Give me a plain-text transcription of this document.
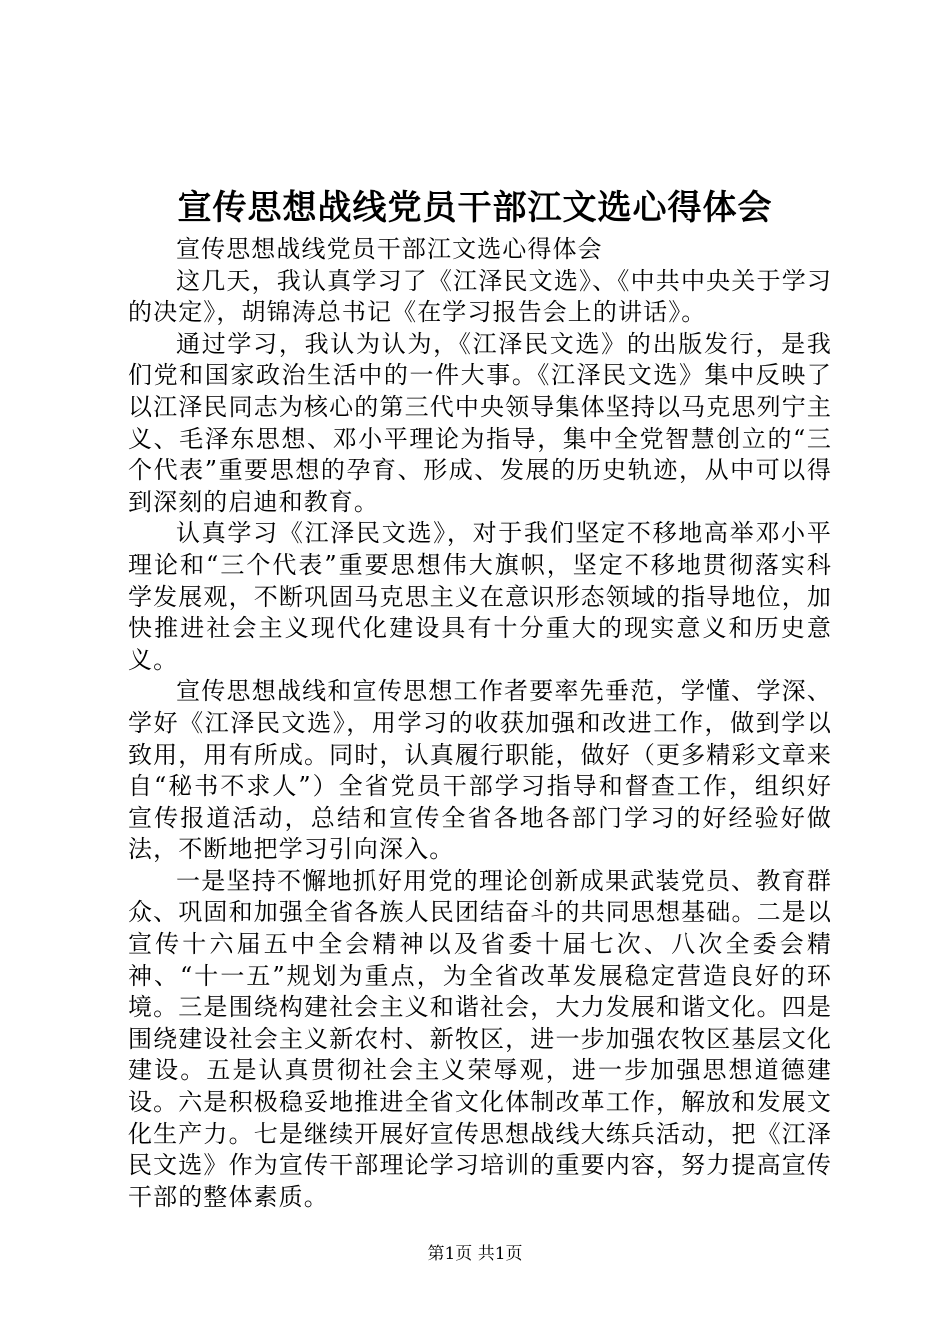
宣传思想战线党员干部江文选心得体会

宣传思想战线党员干部江文选心得体会

这几天，我认真学习了《江泽民文选》、《中共中央关于学习的决定》，胡锦涛总书记《在学习报告会上的讲话》。

通过学习，我认为认为，《江泽民文选》的出版发行，是我们党和国家政治生活中的一件大事。《江泽民文选》集中反映了以江泽民同志为核心的第三代中央领导集体坚持以马克思列宁主义、毛泽东思想、邓小平理论为指导，集中全党智慧创立的“三个代表”重要思想的孕育、形成、发展的历史轨迹，从中可以得到深刻的启迪和教育。

认真学习《江泽民文选》，对于我们坚定不移地高举邓小平理论和“三个代表”重要思想伟大旗帜，坚定不移地贯彻落实科学发展观，不断巩固马克思主义在意识形态领域的指导地位，加快推进社会主义现代化建设具有十分重大的现实意义和历史意义。

宣传思想战线和宣传思想工作者要率先垂范，学懂、学深、学好《江泽民文选》，用学习的收获加强和改进工作，做到学以致用，用有所成。同时，认真履行职能，做好（更多精彩文章来自“秘书不求人”）全省党员干部学习指导和督查工作，组织好宣传报道活动，总结和宣传全省各地各部门学习的好经验好做法，不断地把学习引向深入。

一是坚持不懈地抓好用党的理论创新成果武装党员、教育群众、巩固和加强全省各族人民团结奋斗的共同思想基础。二是以宣传十六届五中全会精神以及省委十届七次、八次全委会精神、“十一五”规划为重点，为全省改革发展稳定营造良好的环境。三是围绕构建社会主义和谐社会，大力发展和谐文化。四是围绕建设社会主义新农村、新牧区，进一步加强农牧区基层文化建设。五是认真贯彻社会主义荣辱观，进一步加强思想道德建设。六是积极稳妥地推进全省文化体制改革工作，解放和发展文化生产力。七是继续开展好宣传思想战线大练兵活动，把《江泽民文选》作为宣传干部理论学习培训的重要内容，努力提高宣传干部的整体素质。

第1页 共1页
